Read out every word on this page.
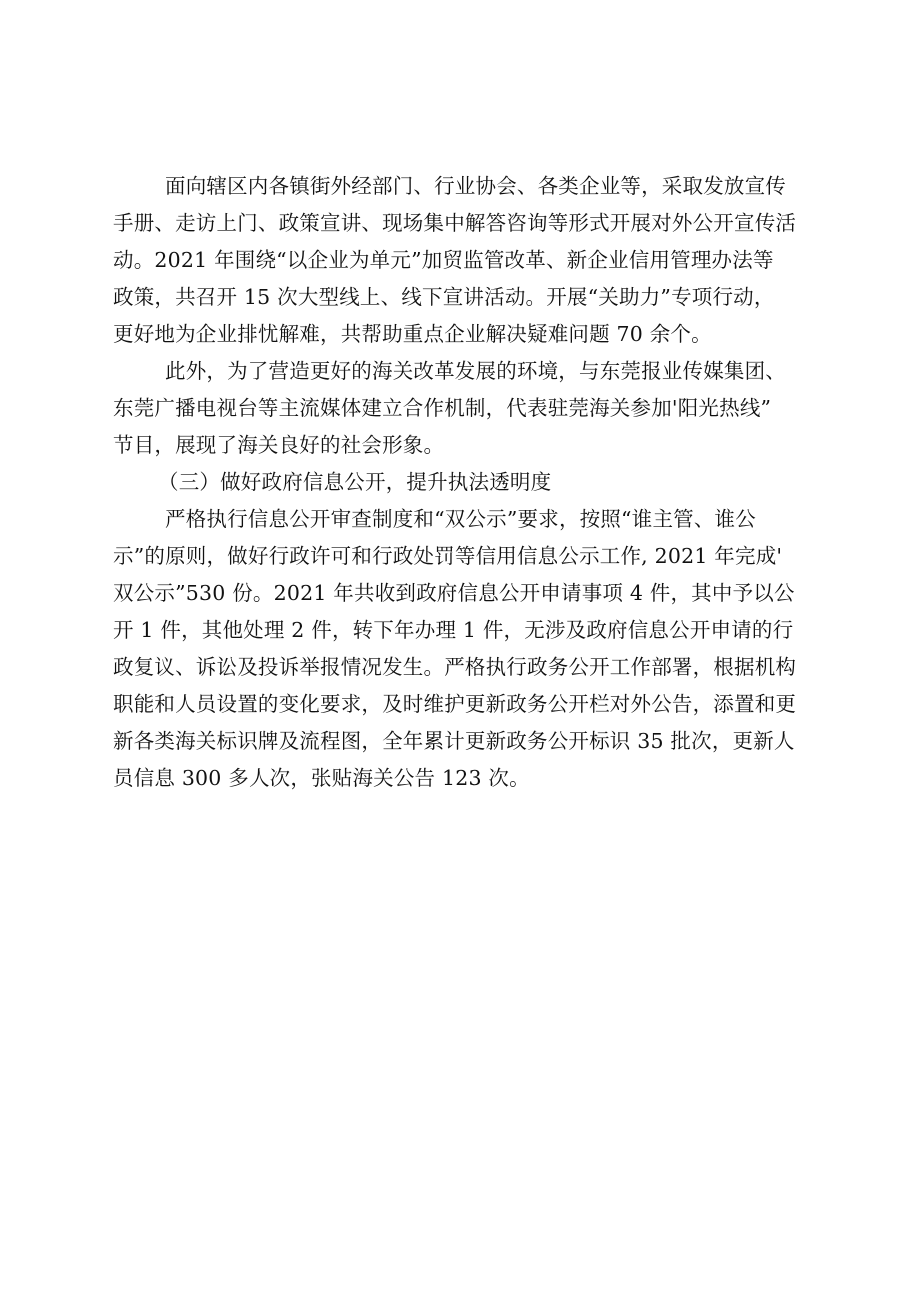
面向辖区内各镇街外经部门、行业协会、各类企业等，采取发放宣传
手册、走访上门、政策宣讲、现场集中解答咨询等形式开展对外公开宣传活
动。2021 年围绕“以企业为单元”加贸监管改革、新企业信用管理办法等
政策，共召开 15 次大型线上、线下宣讲活动。开展“关助力”专项行动，
更好地为企业排忧解难，共帮助重点企业解决疑难问题 70 余个。
此外，为了营造更好的海关改革发展的环境，与东莞报业传媒集团、
东莞广播电视台等主流媒体建立合作机制，代表驻莞海关参加'阳光热线”
节目，展现了海关良好的社会形象。
（三）做好政府信息公开，提升执法透明度
严格执行信息公开审查制度和“双公示”要求，按照“谁主管、谁公
示”的原则，做好行政许可和行政处罚等信用信息公示工作, 2021 年完成'
双公示”530 份。2021 年共收到政府信息公开申请事项 4 件，其中予以公
开 1 件，其他处理 2 件，转下年办理 1 件，无涉及政府信息公开申请的行
政复议、诉讼及投诉举报情况发生。严格执行政务公开工作部署，根据机构
职能和人员设置的变化要求，及时维护更新政务公开栏对外公告，添置和更
新各类海关标识牌及流程图，全年累计更新政务公开标识 35 批次，更新人
员信息 300 多人次，张贴海关公告 123 次。
